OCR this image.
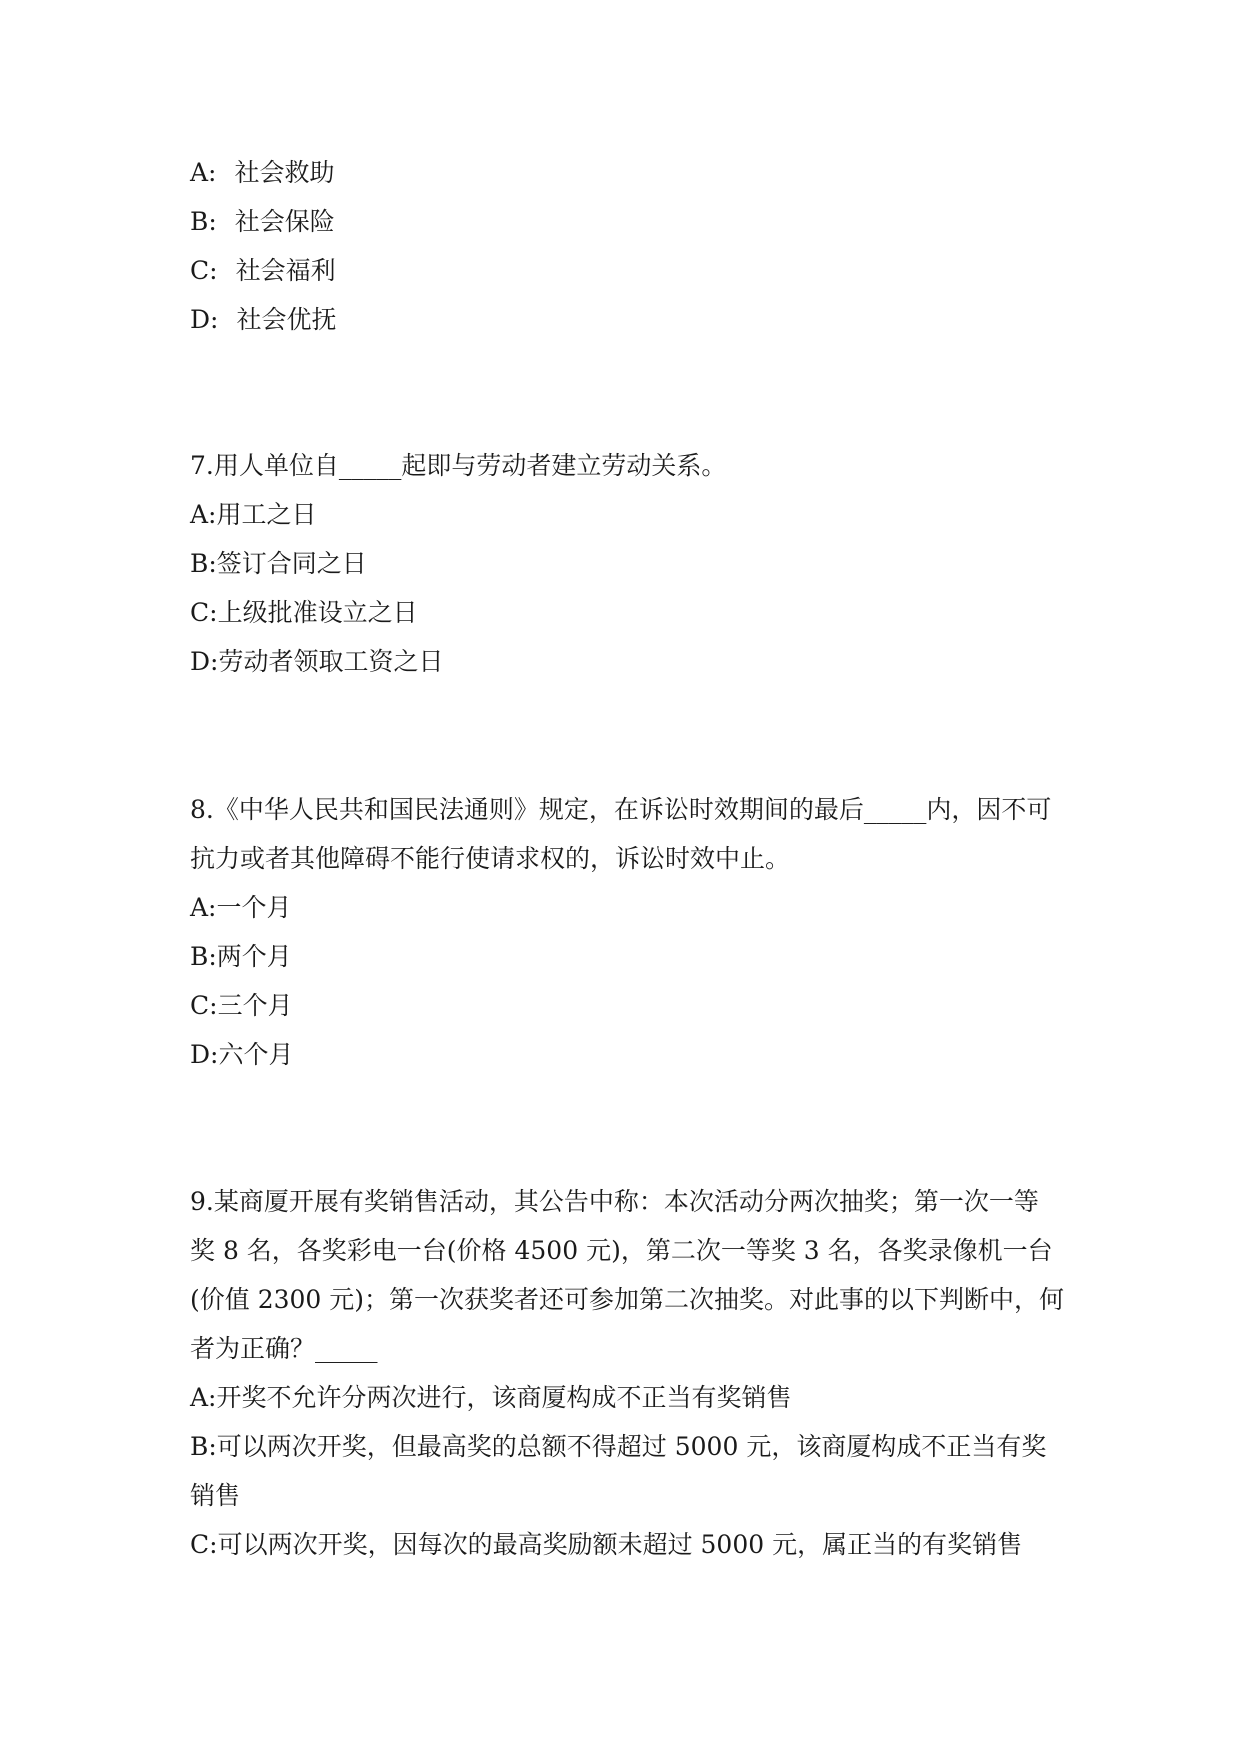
A: 社会救助
B: 社会保险
C: 社会福利
D: 社会优抚
7.用人单位自_____起即与劳动者建立劳动关系。
A:用工之日
B:签订合同之日
C:上级批准设立之日
D:劳动者领取工资之日
8.《中华人民共和国民法通则》规定，在诉讼时效期间的最后_____内，因不可
抗力或者其他障碍不能行使请求权的，诉讼时效中止。
A:一个月
B:两个月
C:三个月
D:六个月
9.某商厦开展有奖销售活动，其公告中称：本次活动分两次抽奖；第一次一等
奖 8 名，各奖彩电一台(价格 4500 元)，第二次一等奖 3 名，各奖录像机一台
(价值 2300 元)；第一次获奖者还可参加第二次抽奖。对此事的以下判断中，何
者为正确？_____
A:开奖不允许分两次进行，该商厦构成不正当有奖销售
B:可以两次开奖，但最高奖的总额不得超过 5000 元，该商厦构成不正当有奖
销售
C:可以两次开奖，因每次的最高奖励额未超过 5000 元，属正当的有奖销售
